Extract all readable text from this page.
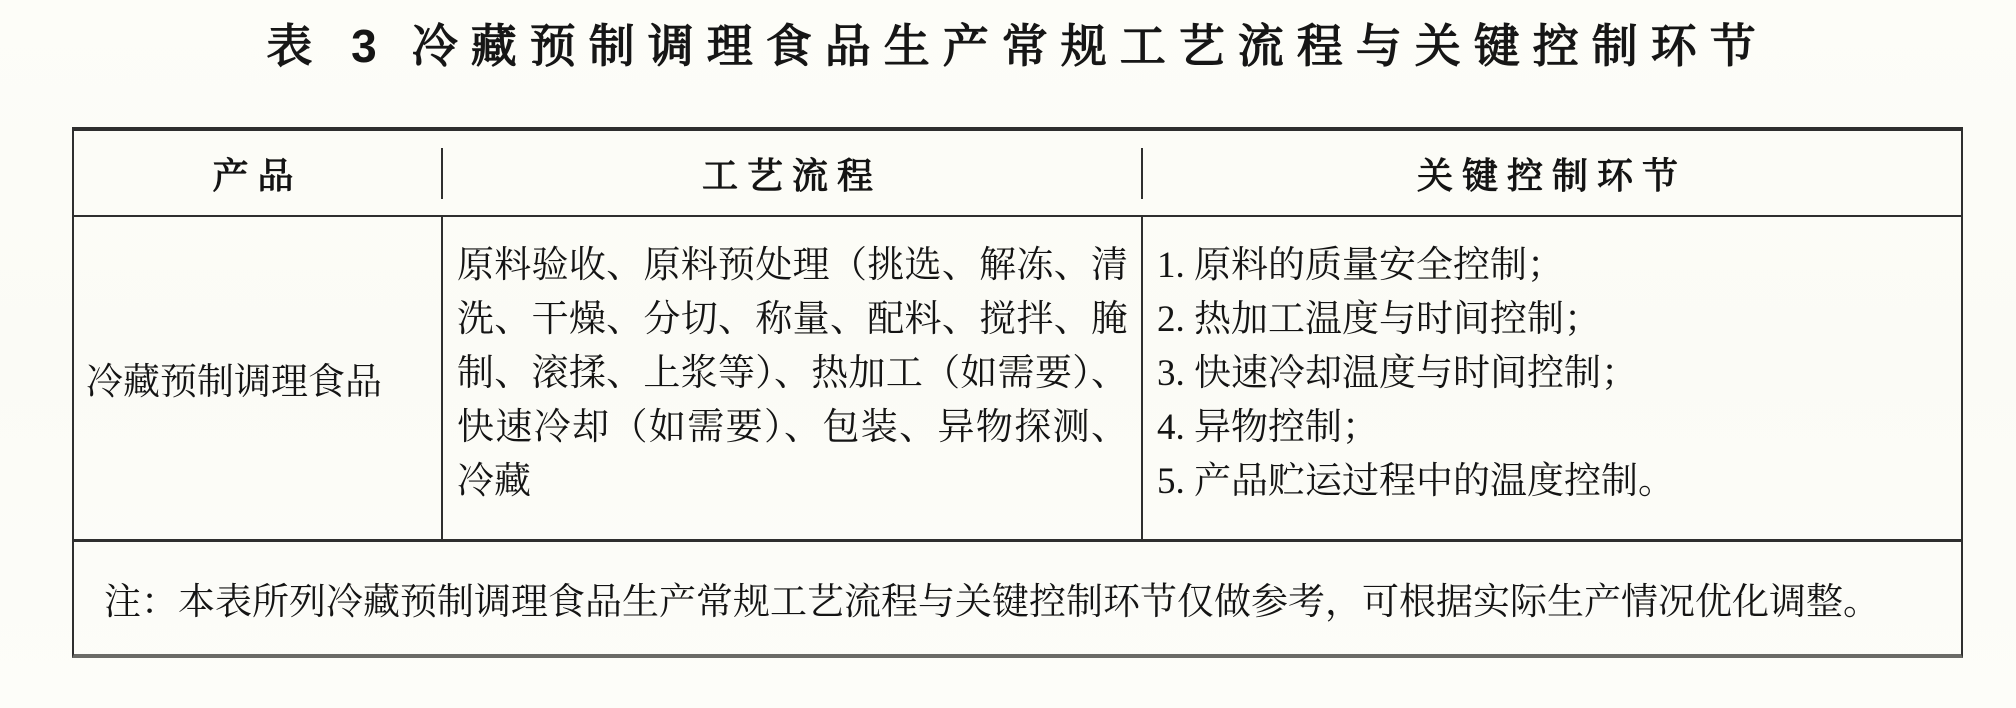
表 3 冷藏预制调理食品生产常规工艺流程与关键控制环节
产品	工艺流程	关键控制环节
冷藏预制调理食品
原料验收、原料预处理（挑选、解冻、清洗、干燥、分切、称量、配料、搅拌、腌制、滚揉、上浆等）、热加工（如需要）、快速冷却（如需要）、包装、异物探测、冷藏
1. 原料的质量安全控制；
2. 热加工温度与时间控制；
3. 快速冷却温度与时间控制；
4. 异物控制；
5. 产品贮运过程中的温度控制。
注：本表所列冷藏预制调理食品生产常规工艺流程与关键控制环节仅做参考，可根据实际生产情况优化调整。
